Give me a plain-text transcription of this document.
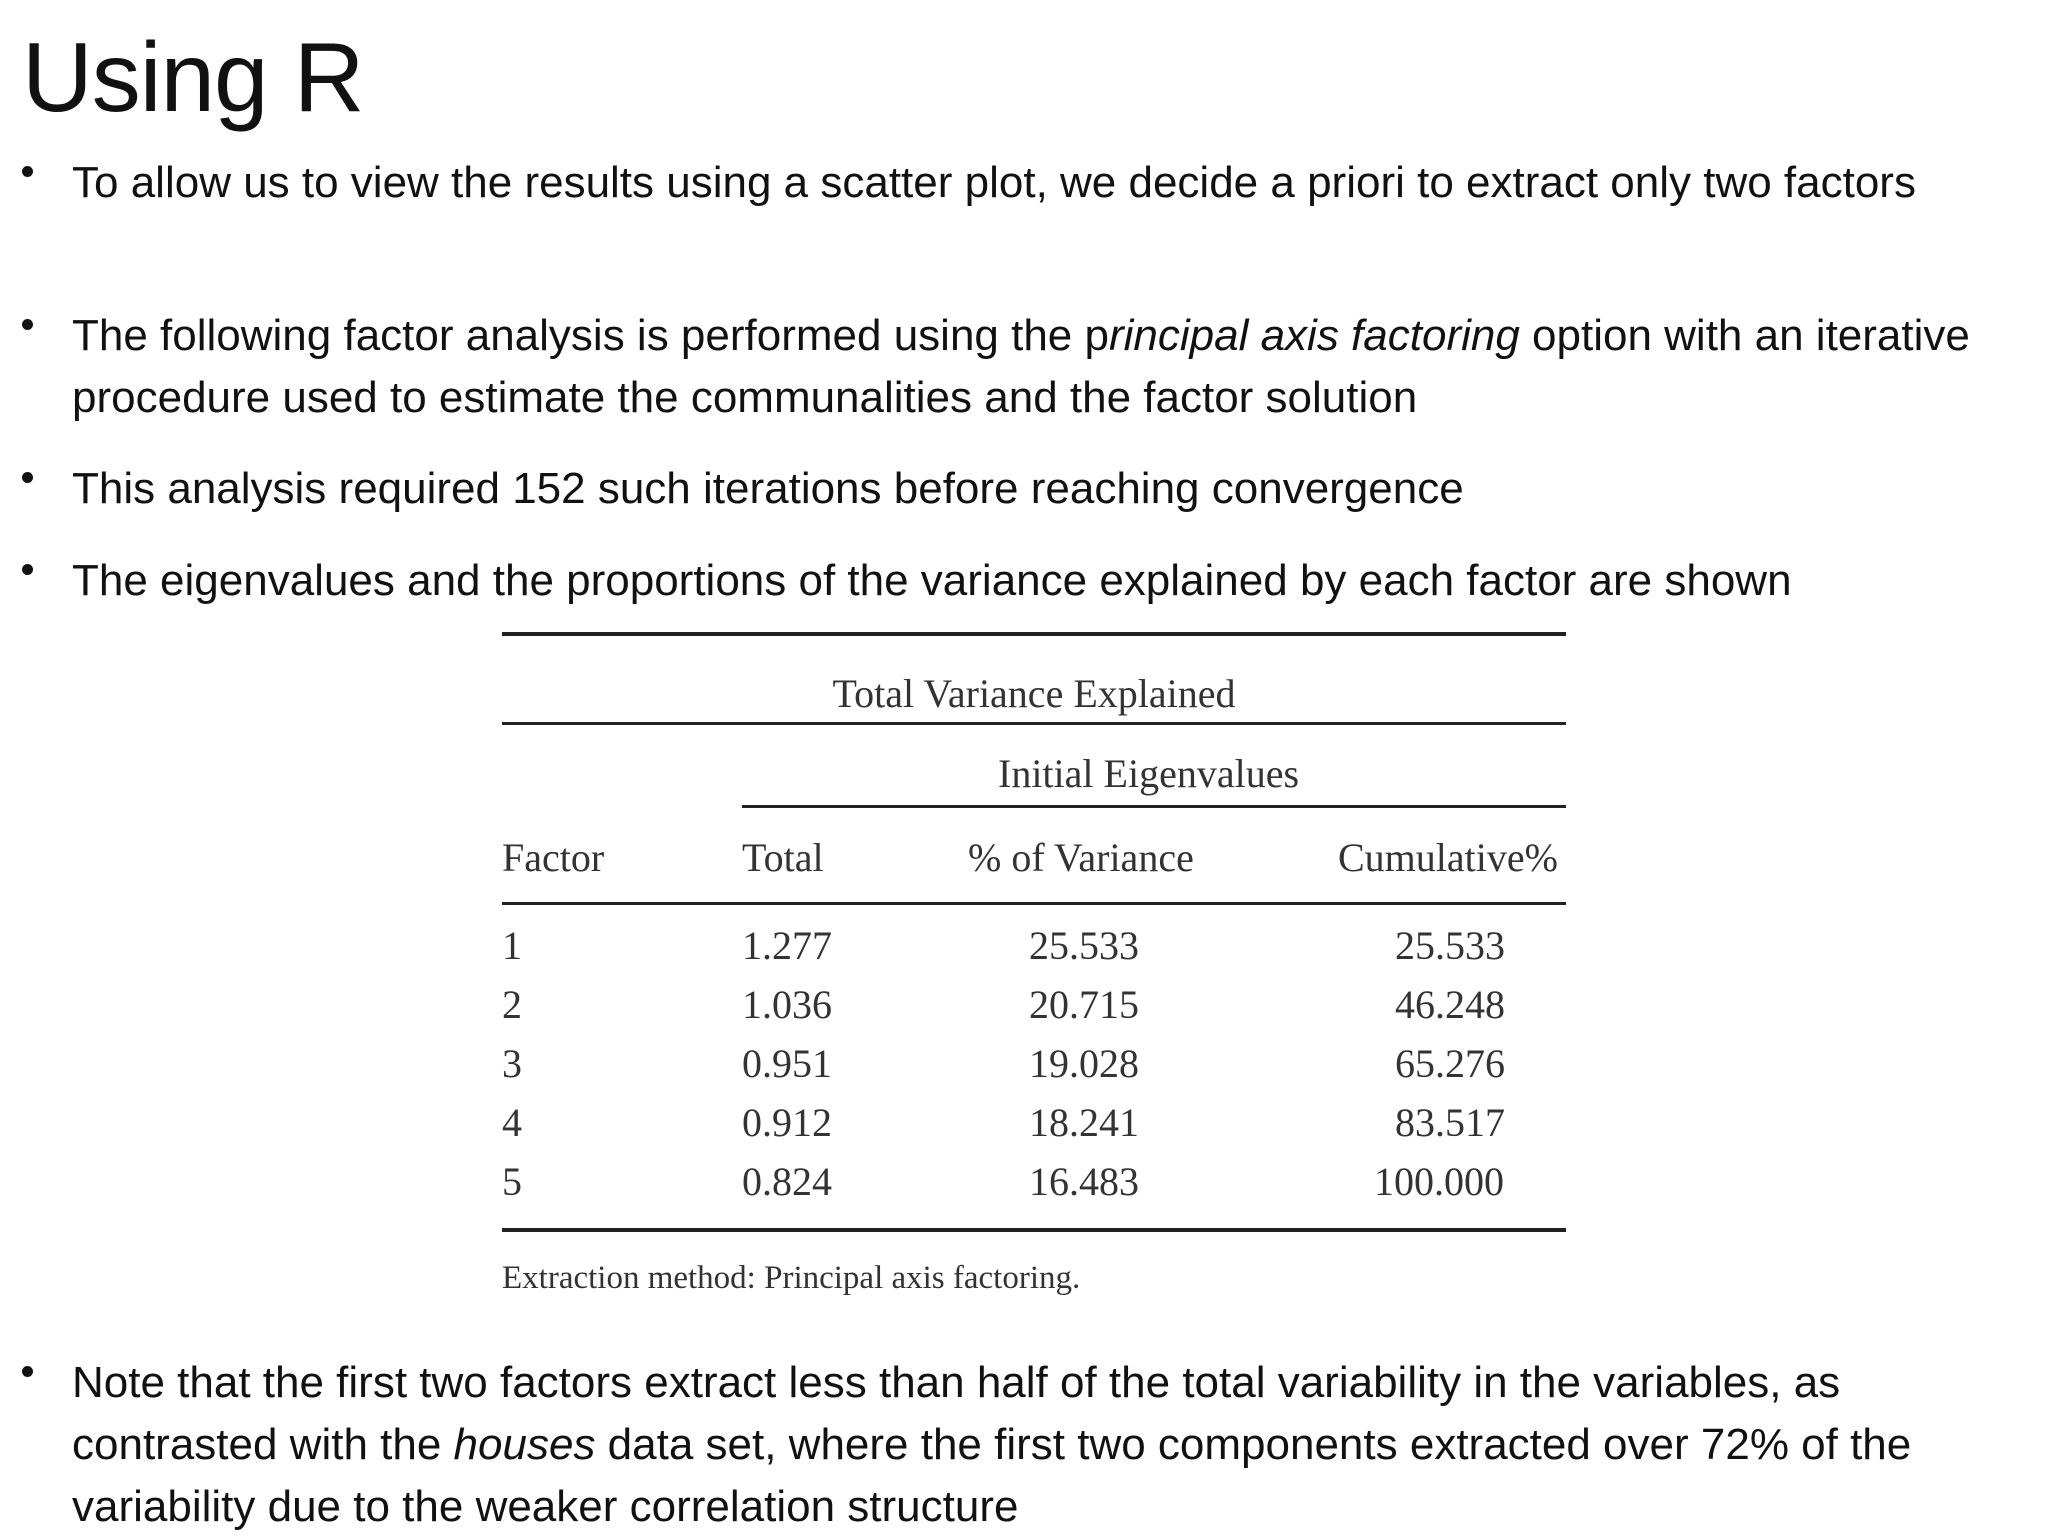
Using R
To allow us to view the results using a scatter plot, we decide a priori to extract only two factors
The following factor analysis is performed using the principal axis factoring option with an iterative procedure used to estimate the communalities and the factor solution
This analysis required 152 such iterations before reaching convergence
The eigenvalues and the proportions of the variance explained by each factor are shown
Total Variance Explained
Initial Eigenvalues
Factor	Total	% of Variance	Cumulative%
1	1.277	25.533	25.533
2	1.036	20.715	46.248
3	0.951	19.028	65.276
4	0.912	18.241	83.517
5	0.824	16.483	100.000
Extraction method: Principal axis factoring.
Note that the first two factors extract less than half of the total variability in the variables, as contrasted with the houses data set, where the first two components extracted over 72% of the variability due to the weaker correlation structure
